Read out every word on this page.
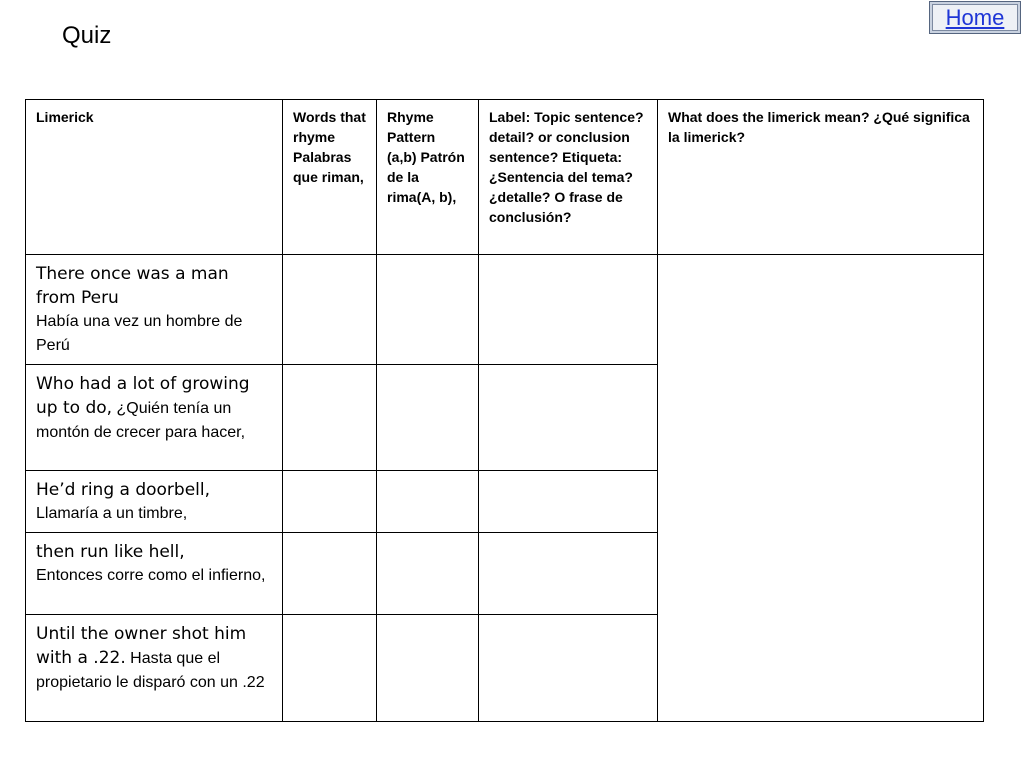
Home
Quiz
Limerick	Words that rhyme Palabras que riman,	Rhyme Pattern (a,b) Patrón de la rima(A, b),	Label: Topic sentence? detail? or conclusion sentence? Etiqueta: ¿Sentencia del tema? ¿detalle? O frase de conclusión?	What does the limerick mean? ¿Qué significa la limerick?

There once was a man from Peru
Había una vez un hombre de Perú				

Who had a lot of growing up to do, ¿Quién tenía un montón de crecer para hacer,				

He’d ring a doorbell,
Llamaría a un timbre,				

then run like hell,
Entonces corre como el infierno,				

Until the owner shot him with a .22. Hasta que el propietario le disparó con un .22				
